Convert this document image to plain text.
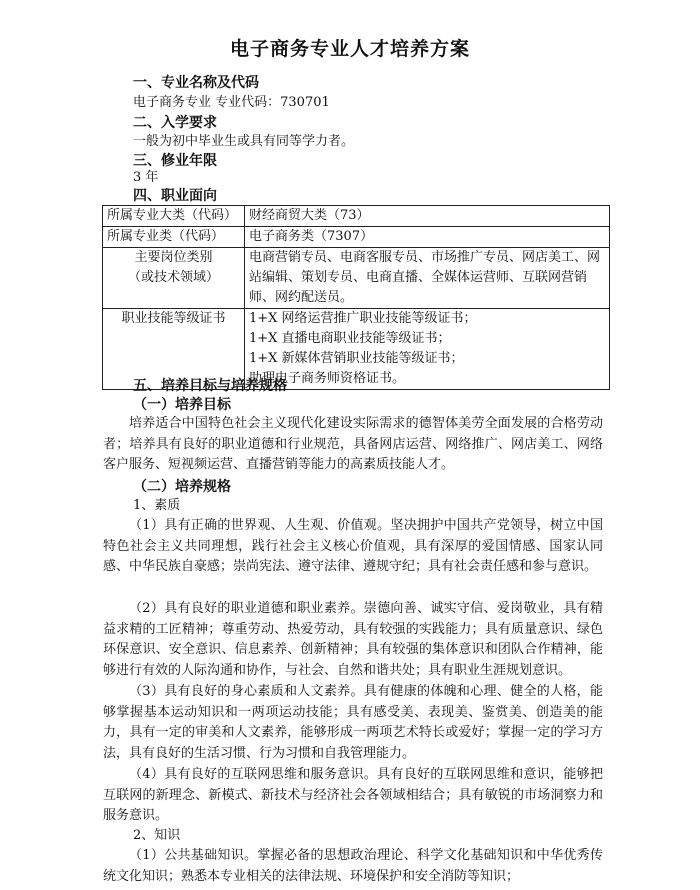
电子商务专业人才培养方案
一、专业名称及代码
电子商务专业 专业代码：730701
二、入学要求
一般为初中毕业生或具有同等学力者。
三、修业年限
3 年
四、职业面向
所属专业大类（代码）	财经商贸大类（73）
所属专业类（代码）	电子商务类（7307）
主要岗位类别
（或技术领域）	电商营销专员、电商客服专员、市场推广专员、网店美工、网站编辑、策划专员、电商直播、全媒体运营师、互联网营销师、网约配送员。
职业技能等级证书	1+X 网络运营推广职业技能等级证书；
1+X 直播电商职业技能等级证书；
1+X 新媒体营销职业技能等级证书；
助理电子商务师资格证书。
五、培养目标与培养规格
（一）培养目标
培养适合中国特色社会主义现代化建设实际需求的德智体美劳全面发展的合格劳动者；培养具有良好的职业道德和行业规范，具备网店运营、网络推广、网店美工、网络客户服务、短视频运营、直播营销等能力的高素质技能人才。
（二）培养规格
1、素质
（1）具有正确的世界观、人生观、价值观。坚决拥护中国共产党领导，树立中国特色社会主义共同理想，践行社会主义核心价值观，具有深厚的爱国情感、国家认同感、中华民族自豪感；崇尚宪法、遵守法律、遵规守纪；具有社会责任感和参与意识。
（2）具有良好的职业道德和职业素养。崇德向善、诚实守信、爱岗敬业，具有精益求精的工匠精神；尊重劳动、热爱劳动，具有较强的实践能力；具有质量意识、绿色环保意识、安全意识、信息素养、创新精神；具有较强的集体意识和团队合作精神，能够进行有效的人际沟通和协作，与社会、自然和谐共处；具有职业生涯规划意识。
（3）具有良好的身心素质和人文素养。具有健康的体魄和心理、健全的人格，能够掌握基本运动知识和一两项运动技能；具有感受美、表现美、鉴赏美、创造美的能力，具有一定的审美和人文素养，能够形成一两项艺术特长或爱好；掌握一定的学习方法，具有良好的生活习惯、行为习惯和自我管理能力。
（4）具有良好的互联网思维和服务意识。具有良好的互联网思维和意识，能够把互联网的新理念、新模式、新技术与经济社会各领域相结合；具有敏锐的市场洞察力和服务意识。
2、知识
（1）公共基础知识。掌握必备的思想政治理论、科学文化基础知识和中华优秀传统文化知识；熟悉本专业相关的法律法规、环境保护和安全消防等知识；
